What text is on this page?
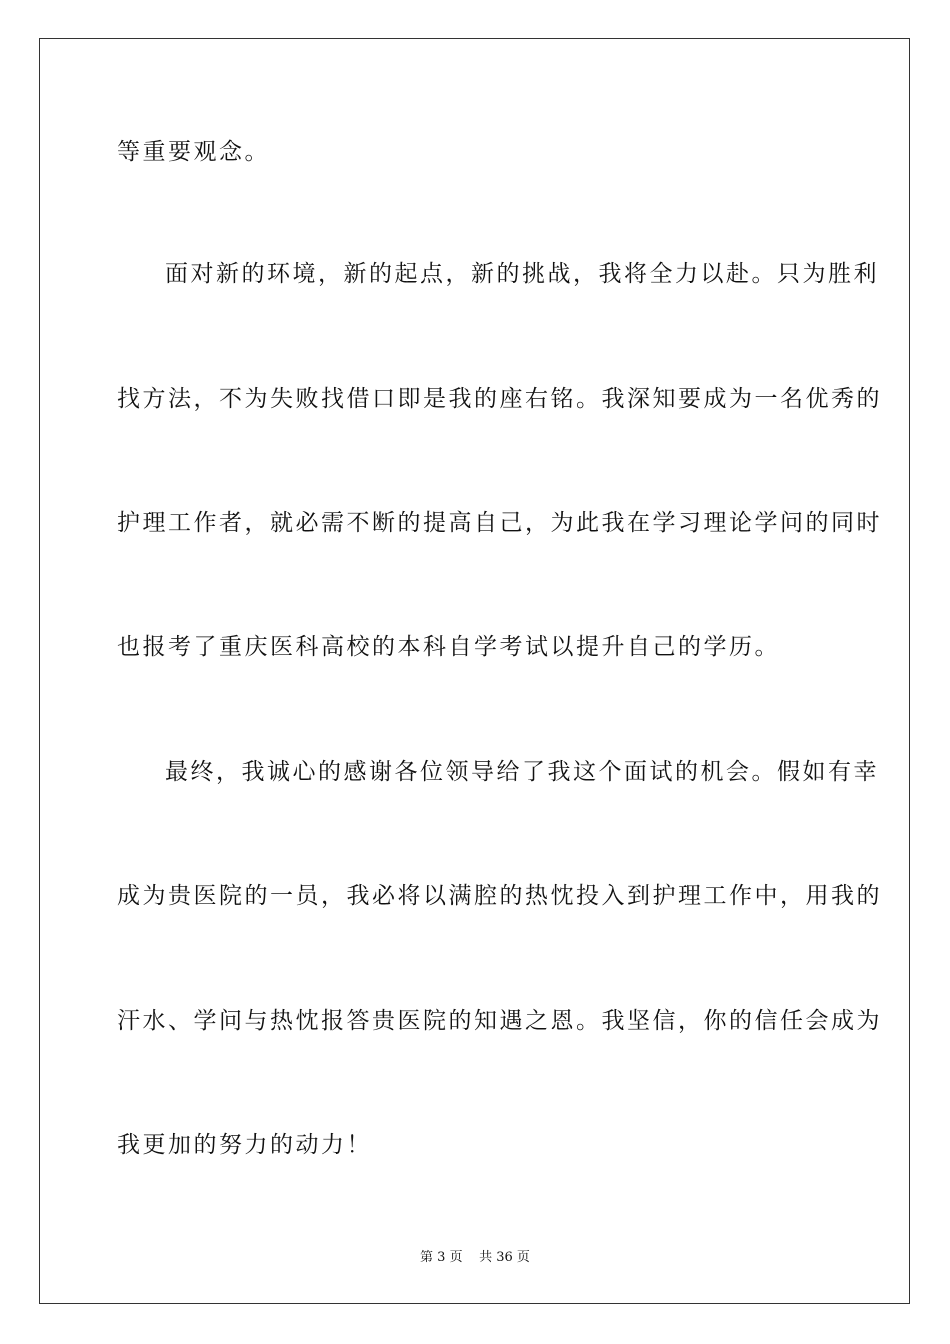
等重要观念。
面对新的环境，新的起点，新的挑战，我将全力以赴。只为胜利
找方法，不为失败找借口即是我的座右铭。我深知要成为一名优秀的
护理工作者，就必需不断的提高自己，为此我在学习理论学问的同时
也报考了重庆医科高校的本科自学考试以提升自己的学历。
最终，我诚心的感谢各位领导给了我这个面试的机会。假如有幸
成为贵医院的一员，我必将以满腔的热忱投入到护理工作中，用我的
汗水、学问与热忱报答贵医院的知遇之恩。我坚信，你的信任会成为
我更加的努力的动力！
第 3 页 共 36 页
